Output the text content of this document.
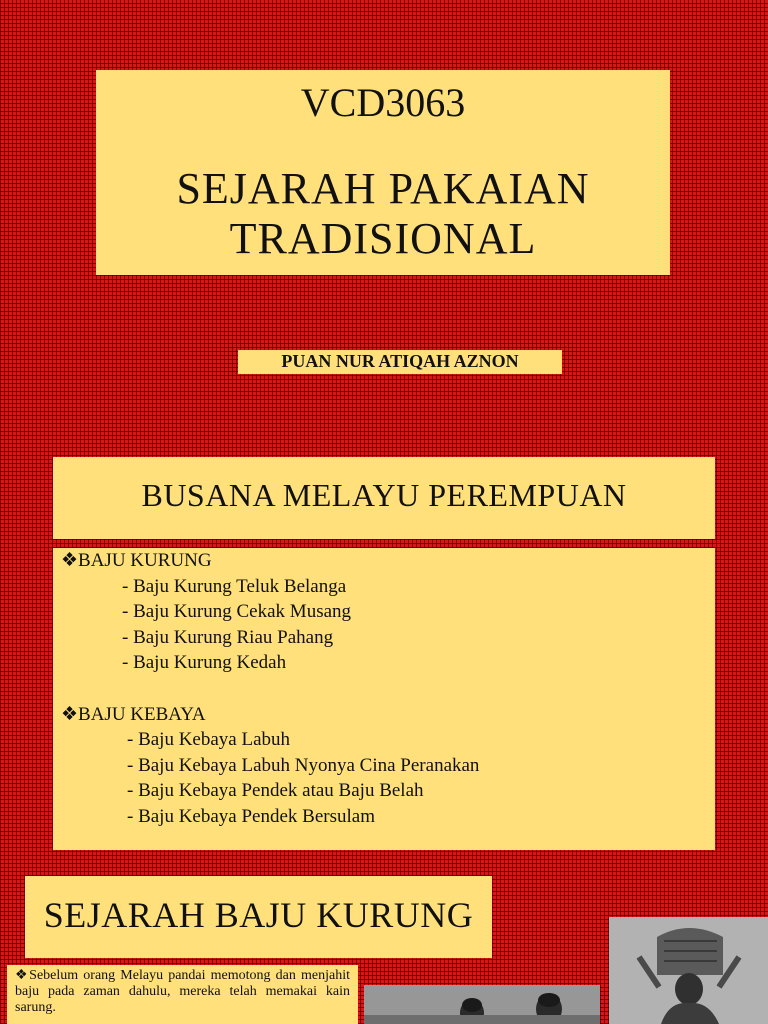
VCD3063
SEJARAH PAKAIAN
TRADISIONAL
PUAN NUR ATIQAH AZNON
BUSANA MELAYU PEREMPUAN
❖BAJU KURUNG
- Baju Kurung Teluk Belanga
- Baju Kurung Cekak Musang
- Baju Kurung Riau Pahang
- Baju Kurung Kedah
❖BAJU KEBAYA
- Baju Kebaya Labuh
- Baju Kebaya Labuh Nyonya Cina Peranakan
- Baju Kebaya Pendek atau Baju Belah
- Baju Kebaya Pendek Bersulam
SEJARAH BAJU KURUNG
❖Sebelum orang Melayu pandai memotong dan menjahit baju pada zaman dahulu, mereka telah memakai kain sarung.
